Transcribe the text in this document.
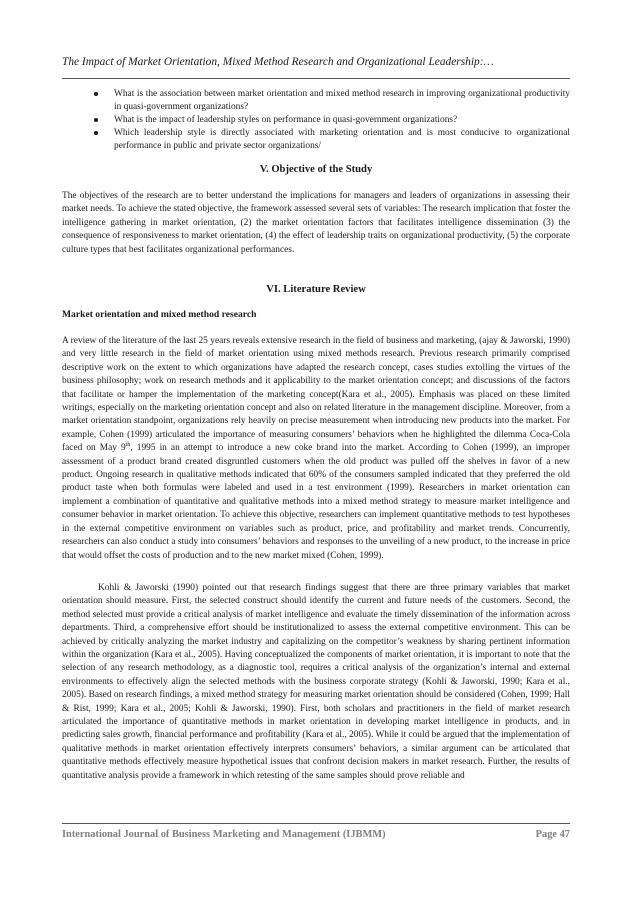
The Impact of Market Orientation, Mixed Method Research and Organizational Leadership:…
What is the association between market orientation and mixed method research in improving organizational productivity in quasi-government organizations?
What is the impact of leadership styles on performance in quasi-government organizations?
Which leadership style is directly associated with marketing orientation and is most conducive to organizational performance in public and private sector organizations/
V. Objective of the Study

The objectives of the research are to better understand the implications for managers and leaders of organizations in assessing their market needs. To achieve the stated objective, the framework assessed several sets of variables: The research implication that foster the intelligence gathering in market orientation, (2) the market orientation factors that facilitates intelligence dissemination (3) the consequence of responsiveness to market orientation, (4) the effect of leadership traits on organizational productivity, (5) the corporate culture types that best facilitates organizational performances.

VI. Literature Review
Market orientation and mixed method research

A review of the literature of the last 25 years reveals extensive research in the field of business and marketing, (ajay & Jaworski, 1990) and very little research in the field of market orientation using mixed methods research. Previous research primarily comprised descriptive work on the extent to which organizations have adapted the research concept, cases studies extolling the virtues of the business philosophy; work on research methods and it applicability to the market orientation concept; and discussions of the factors that facilitate or hamper the implementation of the marketing concept(Kara et al., 2005). Emphasis was placed on these limited writings, especially on the marketing orientation concept and also on related literature in the management discipline. Moreover, from a market orientation standpoint, organizations rely heavily on precise measurement when introducing new products into the market. For example, Cohen (1999) articulated the importance of measuring consumers’ behaviors when he highlighted the dilemma Coca-Cola faced on May 9th, 1995 in an attempt to introduce a new coke brand into the market. According to Cohen (1999), an improper assessment of a product brand created disgruntled customers when the old product was pulled off the shelves in favor of a new product. Ongoing research in qualitative methods indicated that 60% of the consumers sampled indicated that they preferred the old product taste when both formulas were labeled and used in a test environment (1999). Researchers in market orientation can implement a combination of quantitative and qualitative methods into a mixed method strategy to measure market intelligence and consumer behavior in market orientation. To achieve this objective, researchers can implement quantitative methods to test hypotheses in the external competitive environment on variables such as product, price, and profitability and market trends. Concurrently, researchers can also conduct a study into consumers’ behaviors and responses to the unveiling of a new product, to the increase in price that would offset the costs of production and to the new market mixed (Cohen, 1999).

Kohli & Jaworski (1990) pointed out that research findings suggest that there are three primary variables that market orientation should measure. First, the selected construct should identify the current and future needs of the customers. Second, the method selected must provide a critical analysis of market intelligence and evaluate the timely dissemination of the information across departments. Third, a comprehensive effort should be institutionalized to assess the external competitive environment. This can be achieved by critically analyzing the market industry and capitalizing on the competitor’s weakness by sharing pertinent information within the organization (Kara et al., 2005). Having conceptualized the components of market orientation, it is important to note that the selection of any research methodology, as a diagnostic tool, requires a critical analysis of the organization’s internal and external environments to effectively align the selected methods with the business corporate strategy (Kohli & Jaworski, 1990; Kara et al., 2005). Based on research findings, a mixed method strategy for measuring market orientation should be considered (Cohen, 1999; Hall & Rist, 1999; Kara et al., 2005; Kohli & Jaworski, 1990). First, both scholars and practitioners in the field of market research articulated the importance of quantitative methods in market orientation in developing market intelligence in products, and in predicting sales growth, financial performance and profitability (Kara et al., 2005). While it could be argued that the implementation of qualitative methods in market orientation effectively interprets consumers’ behaviors, a similar argument can be articulated that quantitative methods effectively measure hypothetical issues that confront decision makers in market research. Further, the results of quantitative analysis provide a framework in which retesting of the same samples should prove reliable and

International Journal of Business Marketing and Management (IJBMM)	Page 47
